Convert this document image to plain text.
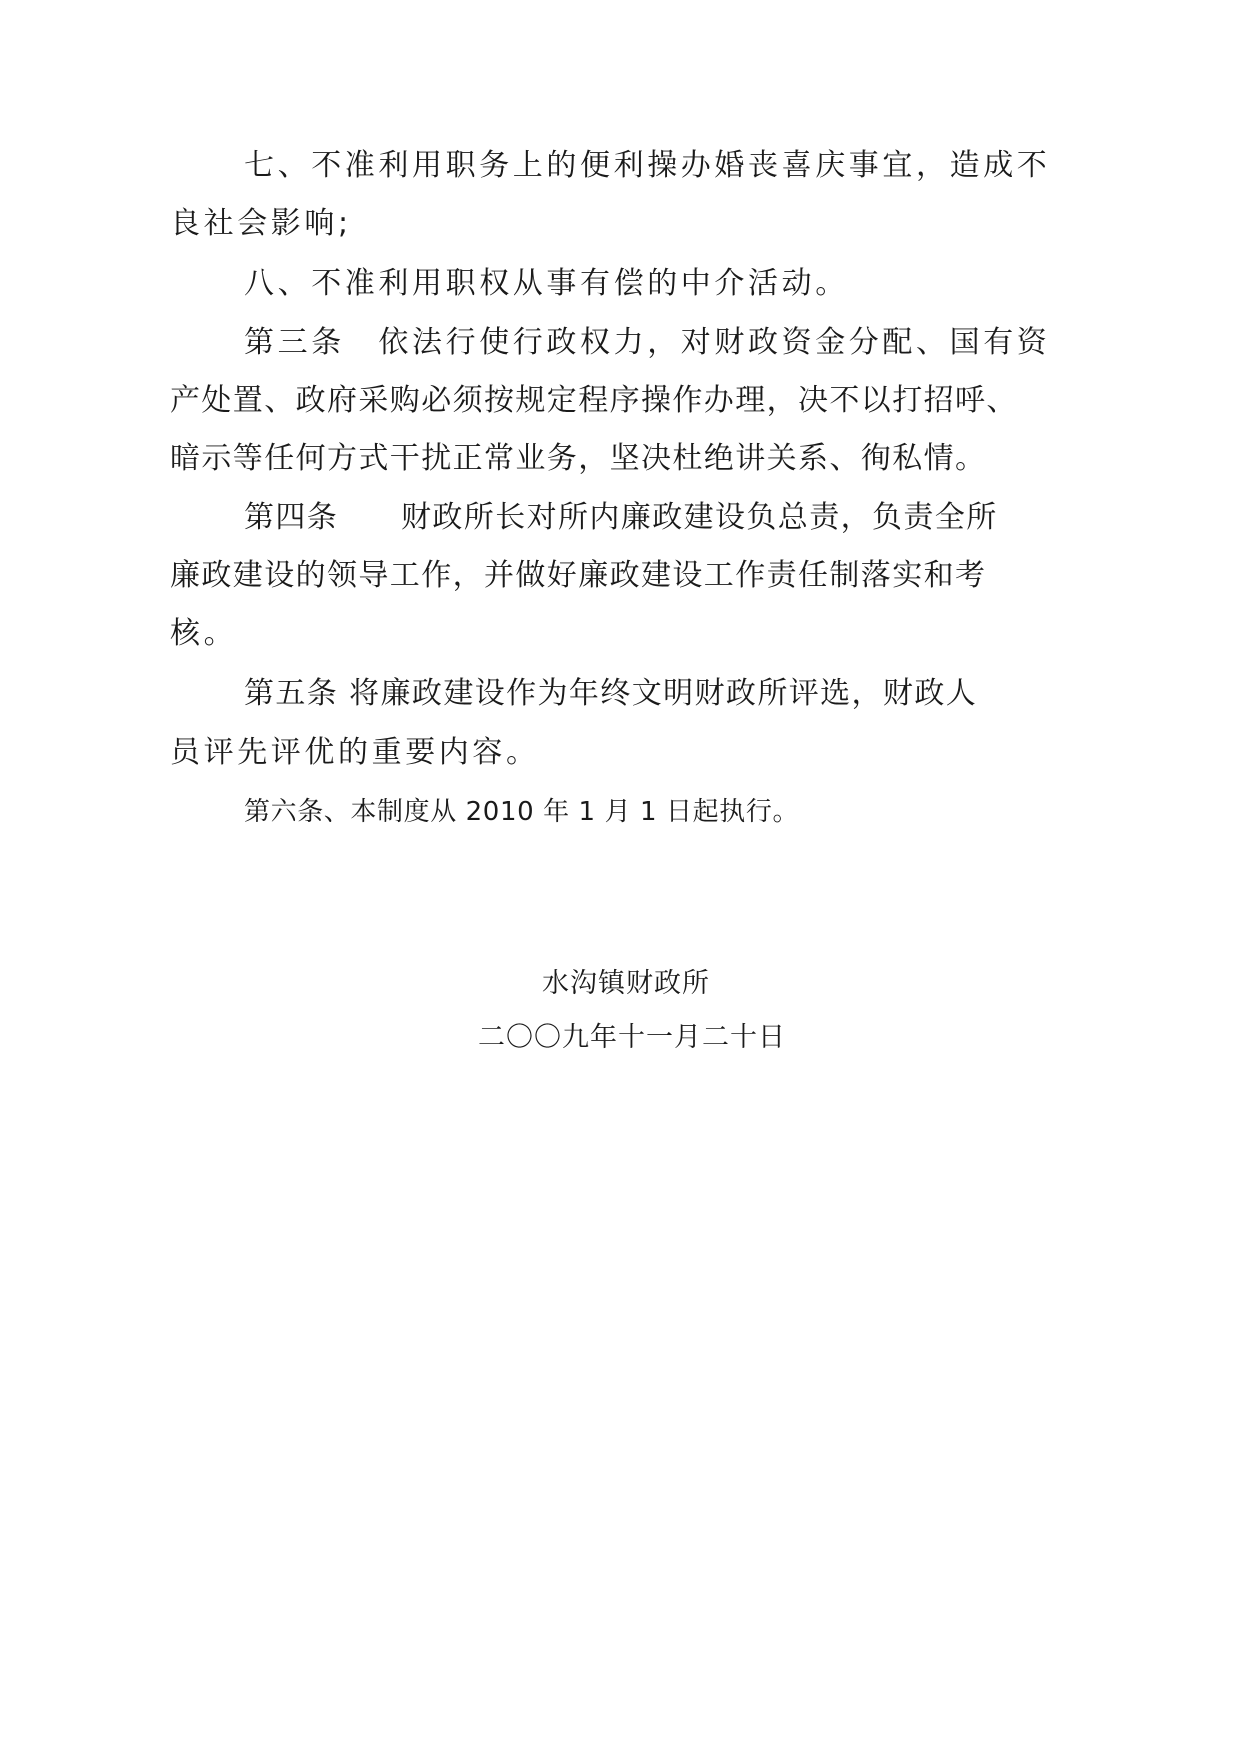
七、不准利用职务上的便利操办婚丧喜庆事宜，造成不
良社会影响;
八、不准利用职权从事有偿的中介活动。
第三条　依法行使行政权力，对财政资金分配、国有资
产处置、政府采购必须按规定程序操作办理，决不以打招呼、
暗示等任何方式干扰正常业务，坚决杜绝讲关系、徇私情。
第四条　　财政所长对所内廉政建设负总责，负责全所
廉政建设的领导工作，并做好廉政建设工作责任制落实和考
核。
第五条 将廉政建设作为年终文明财政所评选，财政人
员评先评优的重要内容。
第六条、本制度从 2010 年 1 月 1 日起执行。
水沟镇财政所
二〇〇九年十一月二十日
